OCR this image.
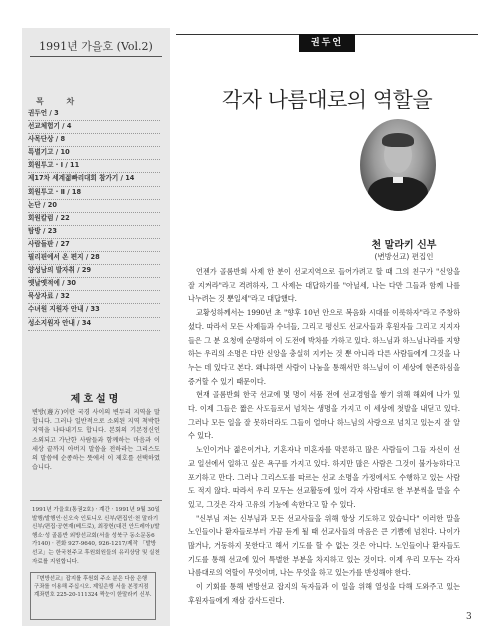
1991년 가을호 (Vol.2)
목 차
권두언 / 3
선교체험기 / 4
사목단상 / 8
특별기고 / 10
회원투고 · Ⅰ / 11
제17차 세계젊빠리대회 참가기 / 14
회원투고 · Ⅱ / 18
논단 / 20
회원칼럼 / 22
탐방 / 23
사람들판 / 27
필리핀에서 온 편지 / 28
양성남의 발자취 / 29
옛날옛적에 / 30
묵상자료 / 32
수녀원 지원자 안내 / 33
성소지원자 안내 / 34
제호설명
변방(邊方)이란 국경 사이의 변두리 지역을 말합니다. 그러나 일반적으로 소외된 지역 척박한 지역을 나타내기도 합니다. 본회의 기본정신인 소외되고 가난한 사람들과 함께하는 마음과 이 세상 끝까지 아버지 말씀을 전하라는 그리스도의 말씀에 순종하는 뜻에서 이 제호를 선택하였습니다.
1991년 가을호(통권2호) · 계간 · 1991년 9월 30일발행/발행인·신오숙 인토니오 신부/편집인·천 말라기 신부/편집·공현재(베드로), 최장헌(대건 안드레아)/발행소·성 골롬반 외방선교회(서울 성북구 동소문동6가140) · 전화 927-9640, 926-1217/제작 「발방선교」는 한국천주교 후원회원들의 유리상담 및 실천 자료를 지원합니다.
『변방선교』잡지를 후원회 주소 분은 다음 은행구좌를 이용해 주십시오. 제일은행 서울 본정지점 계좌번호 225-20-111324 짝눈이 한말라키 신부.
권두언
각자 나름대로의 역할을
천 말라키 신부
(변방선교) 편집인

언젠가 골롬반회 사제 한 분이 선교지역으로 들어가려고 할 때 그의 친구가 "신앙을 잘 지켜라"라고 격려하자, 그 사제는 대답하기를 "아닐세, 나는 다만 그들과 함께 나를 나누려는 것 뿐일세"라고 대답했다.

교황성하께서는 1990년 초 "향후 10년 안으로 복음화 시대를 이룩하자"라고 주창하셨다. 따라서 모든 사제들과 수녀들, 그리고 평신도 선교사들과 후원자들 그리고 지지자들은 그 분 요청에 순명하여 이 도전에 박차를 가하고 있다. 하느님과 하느님나라를 지향하는 우리의 소명은 다만 신앙을 충실히 지키는 것 뿐 아니라 다른 사람들에게 그것을 나누는 데 있다고 본다. 왜냐하면 사람이 나눔을 통해서만 하느님이 이 세상에 현존하심을 증거할 수 있기 때문이다.

현재 골롬반회 한국 선교에 몇 명이 서품 전에 선교경험을 쌓기 위해 해외에 나가 있다. 이제 그들은 짧은 사도들로서 넘치는 생명을 가지고 이 세상에 첫발을 내딛고 있다. 그러나 모든 일을 잘 못하더라도 그들이 얼마나 하느님의 사랑으로 넘치고 있는지 잘 알 수 있다.

노인이거나 젊은이거나, 기혼자나 미혼자를 막론하고 많은 사람들이 그들 자신이 선교 일선에서 일하고 싶은 욕구를 가지고 있다. 하지만 많은 사람은 그것이 불가능하다고 포기하고 만다. 그러나 그리스도를 따르는 선교 소명을 가정에서도 수행하고 있는 사람도 적지 않다. 따라서 우리 모두는 선교활동에 있어 각자 사람대로 한 부분씩을 맡을 수 있고, 그것은 각자 고유의 기능에 속한다고 할 수 있다.

"신부님 저는 신부님과 모든 선교사들을 위해 항상 기도하고 있습니다" 이러한 말을 노인들이나 환자들로부터 가끔 듣게 될 때 선교사들의 마음은 큰 기쁨에 넘친다. 나이가 많거나, 거동하지 못한다고 해서 기도를 할 수 없는 것은 아니다. 노인들이나 환자들도 기도를 통해 선교에 있어 특별한 부분을 차지하고 있는 것이다. 이제 우리 모두는 각자 나름대로의 역할이 무엇이며, 나는 무엇을 하고 있는가를 반성해야 한다.

이 기회를 통해 변방선교 잡지의 독자들과 이 일을 위해 열성을 다해 도와주고 있는 후원자들에게 재삼 감사드린다.

3
